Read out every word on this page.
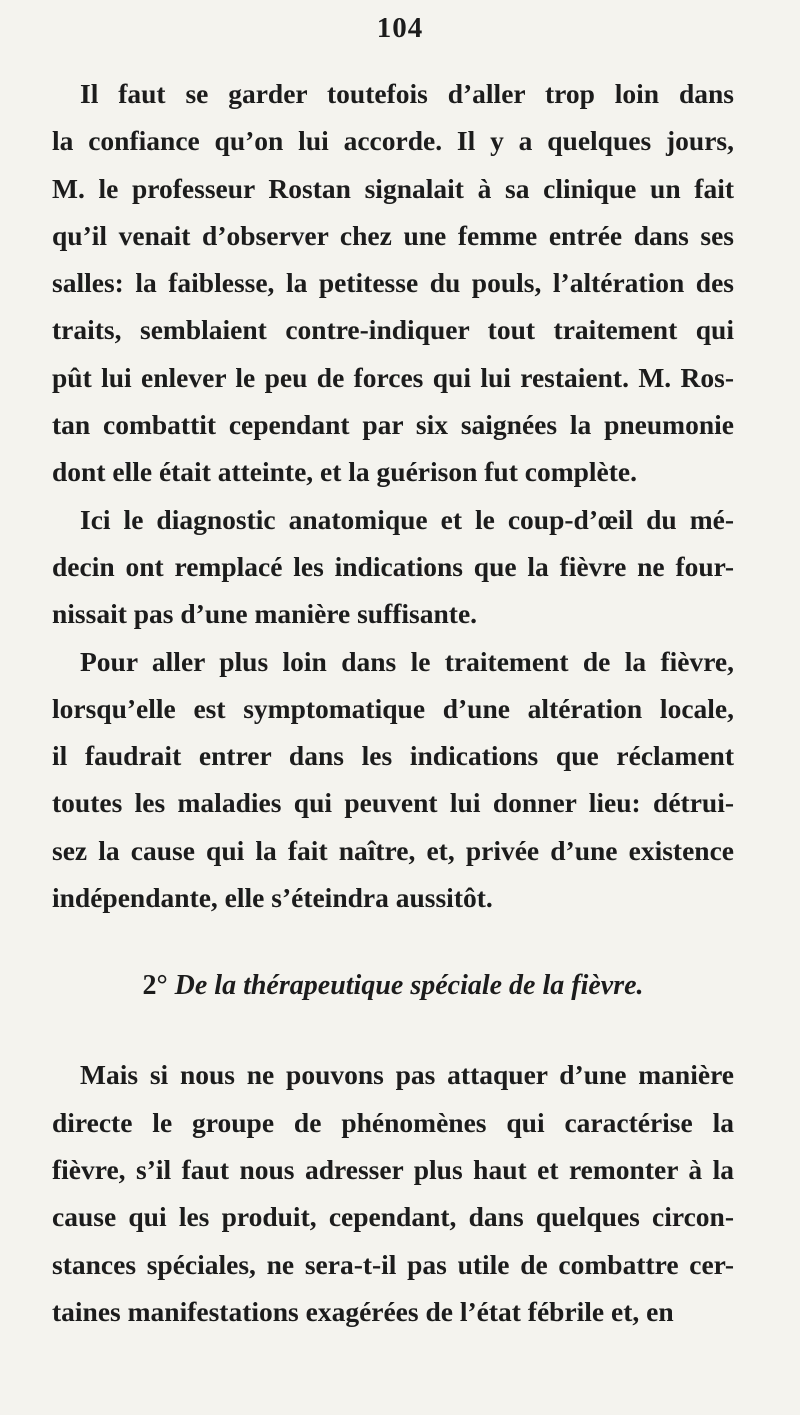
104

Il faut se garder toutefois d’aller trop loin dans
la confiance qu’on lui accorde. Il y a quelques jours,
M. le professeur Rostan signalait à sa clinique un fait
qu’il venait d’observer chez une femme entrée dans ses
salles: la faiblesse, la petitesse du pouls, l’altération des
traits, semblaient contre-indiquer tout traitement qui
pût lui enlever le peu de forces qui lui restaient. M. Ros-
tan combattit cependant par six saignées la pneumonie
dont elle était atteinte, et la guérison fut complète.

Ici le diagnostic anatomique et le coup-d’œil du mé-
decin ont remplacé les indications que la fièvre ne four-
nissait pas d’une manière suffisante.

Pour aller plus loin dans le traitement de la fièvre,
lorsqu’elle est symptomatique d’une altération locale,
il faudrait entrer dans les indications que réclament
toutes les maladies qui peuvent lui donner lieu: détrui-
sez la cause qui la fait naître, et, privée d’une existence
indépendante, elle s’éteindra aussitôt.

2° De la thérapeutique spéciale de la fièvre.

Mais si nous ne pouvons pas attaquer d’une manière
directe le groupe de phénomènes qui caractérise la
fièvre, s’il faut nous adresser plus haut et remonter à la
cause qui les produit, cependant, dans quelques circon-
stances spéciales, ne sera-t-il pas utile de combattre cer-
taines manifestations exagérées de l’état fébrile et, en
